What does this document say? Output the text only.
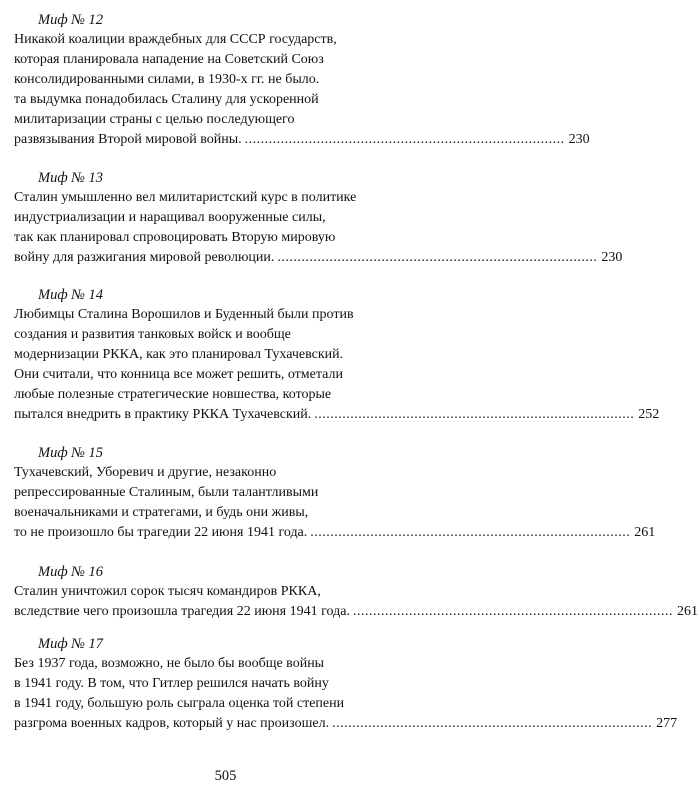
Миф № 12
Никакой коалиции враждебных для СССР государств,
которая планировала нападение на Советский Союз
консолидированными силами, в 1930-х гг. не было.
та выдумка понадобилась Сталину для ускоренной
милитаризации страны с целью последующего
развязывания Второй мировой войны. ................................................................................ 230
Миф № 13
Сталин умышленно вел милитаристский курс в политике
индустриализации и наращивал вооруженные силы,
так как планировал спровоцировать Вторую мировую
войну для разжигания мировой революции. ................................................................................ 230
Миф № 14
Любимцы Сталина Ворошилов и Буденный были против
создания и развития танковых войск и вообще
модернизации РККА, как это планировал Тухачевский.
Они считали, что конница все может решить, отметали
любые полезные стратегические новшества, которые
пытался внедрить в практику РККА Тухачевский. ................................................................................ 252
Миф № 15
Тухачевский, Уборевич и другие, незаконно
репрессированные Сталиным, были талантливыми
военачальниками и стратегами, и будь они живы,
то не произошло бы трагедии 22 июня 1941 года. ................................................................................ 261
Миф № 16
Сталин уничтожил сорок тысяч командиров РККА,
вследствие чего произошла трагедия 22 июня 1941 года. ................................................................................ 261
Миф № 17
Без 1937 года, возможно, не было бы вообще войны
в 1941 году. В том, что Гитлер решился начать войну
в 1941 году, большую роль сыграла оценка той степени
разгрома военных кадров, который у нас произошел. ................................................................................ 277
505
